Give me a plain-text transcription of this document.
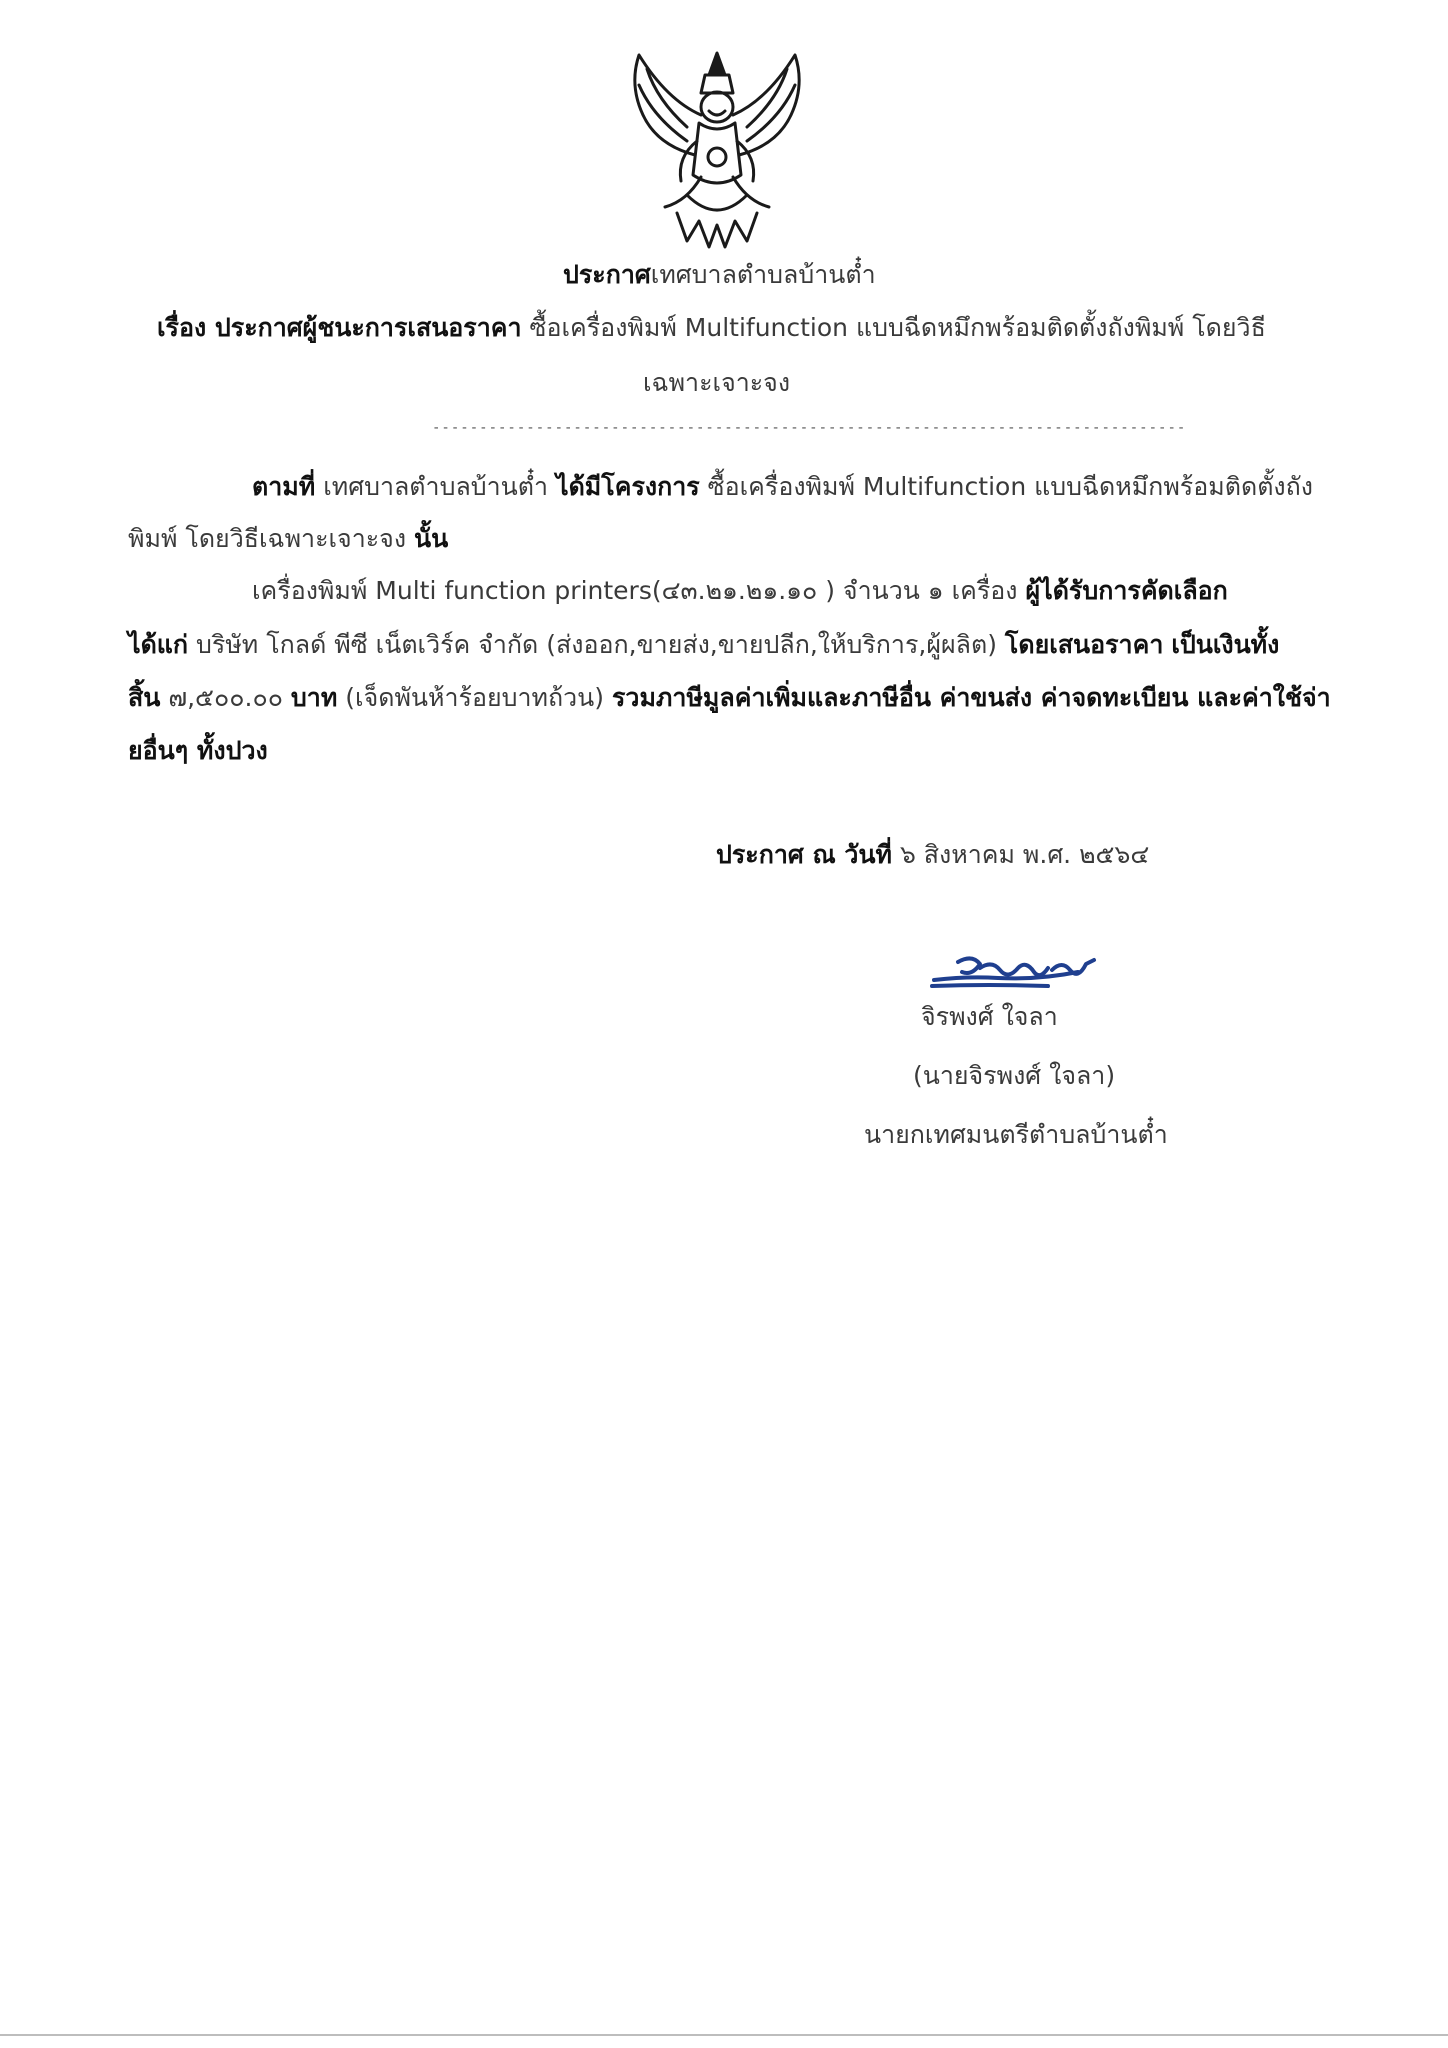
ประกาศเทศบาลตำบลบ้านต๋ำ
เรื่อง ประกาศผู้ชนะการเสนอราคา ซื้อเครื่องพิมพ์ Multifunction แบบฉีดหมึกพร้อมติดตั้งถังพิมพ์ โดยวิธี
เฉพาะเจาะจง
--------------------------------------------------------------------------------
ตามที่ เทศบาลตำบลบ้านต๋ำ ได้มีโครงการ ซื้อเครื่องพิมพ์ Multifunction แบบฉีดหมึกพร้อมติดตั้งถัง
พิมพ์ โดยวิธีเฉพาะเจาะจง นั้น
เครื่องพิมพ์ Multi function printers(๔๓.๒๑.๒๑.๑๐ ) จำนวน ๑ เครื่อง ผู้ได้รับการคัดเลือก
ได้แก่ บริษัท โกลด์ พีซี เน็ตเวิร์ค จำกัด (ส่งออก,ขายส่ง,ขายปลีก,ให้บริการ,ผู้ผลิต) โดยเสนอราคา เป็นเงินทั้ง
สิ้น ๗,๕๐๐.๐๐ บาท (เจ็ดพันห้าร้อยบาทถ้วน) รวมภาษีมูลค่าเพิ่มและภาษีอื่น ค่าขนส่ง ค่าจดทะเบียน และค่าใช้จ่า
ยอื่นๆ ทั้งปวง
ประกาศ ณ วันที่ ๖ สิงหาคม พ.ศ. ๒๕๖๔
จิรพงศ์ ใจลา
(นายจิรพงศ์ ใจลา)
นายกเทศมนตรีตำบลบ้านต๋ำ
